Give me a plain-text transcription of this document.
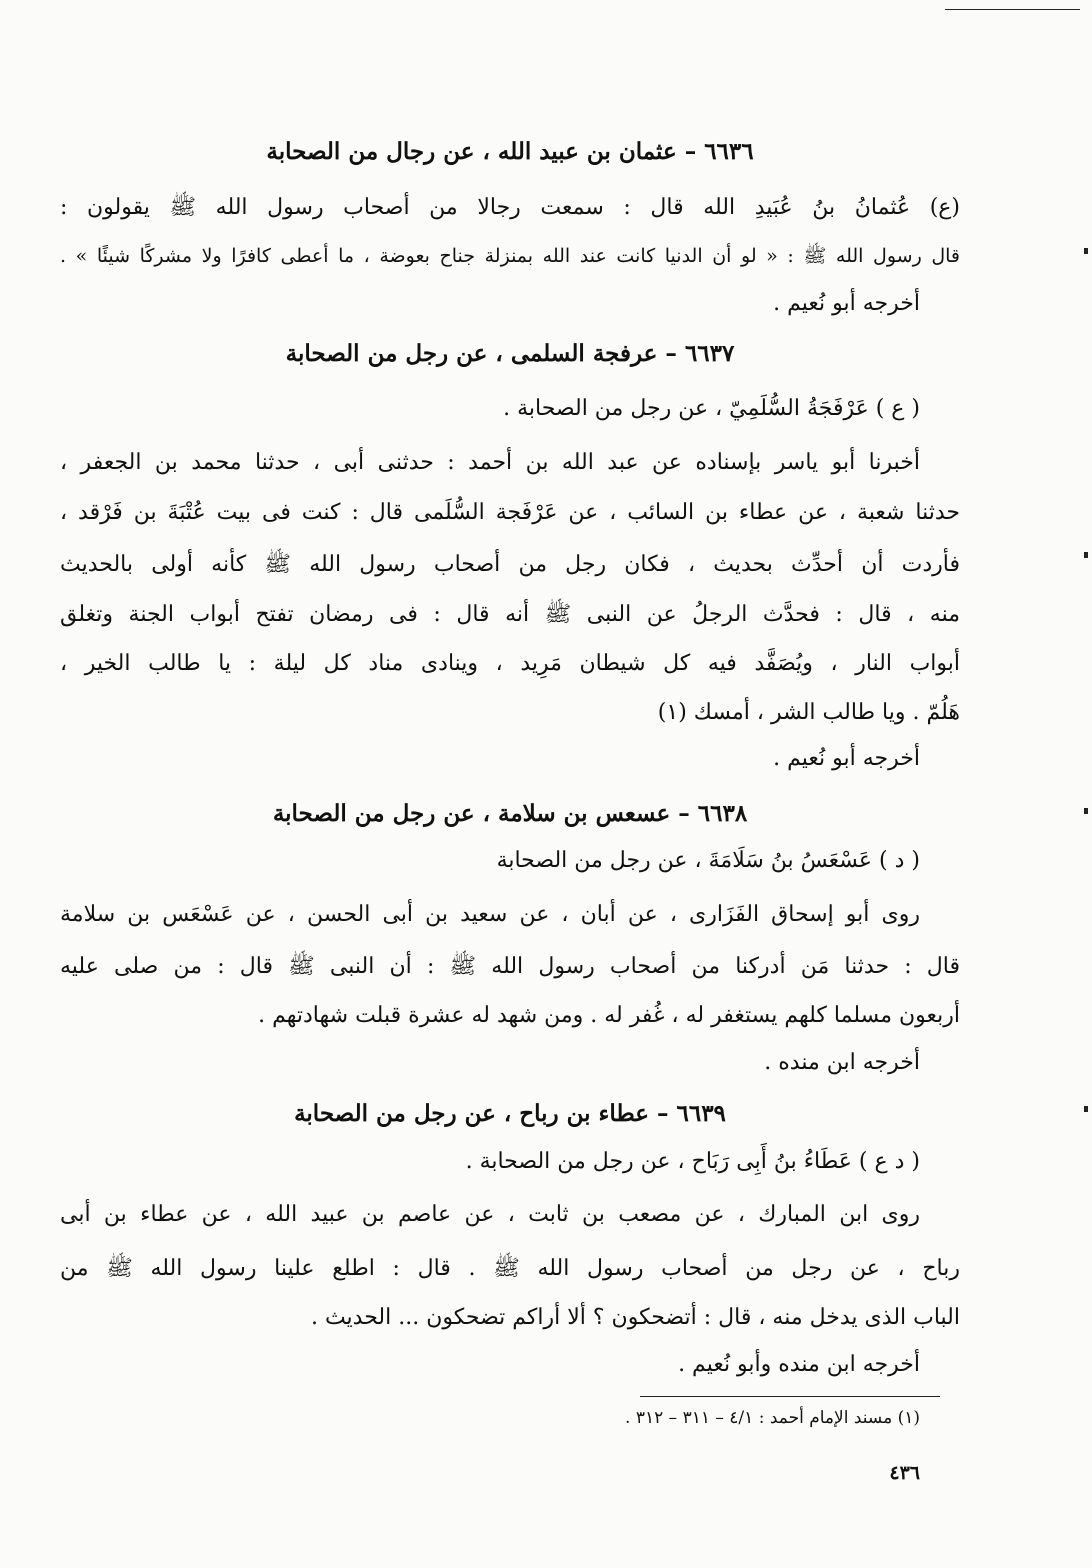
٦٦٣٦ – عثمان بن عبيد الله ، عن رجال من الصحابة
(ع) عُثمانُ بنُ عُبَيدِ الله قال : سمعت رجالا من أصحاب رسول الله ﷺ يقولون :
قال رسول الله ﷺ : « لو أن الدنيا كانت عند الله بمنزلة جناح بعوضة ، ما أعطى كافرًا ولا مشركًا شيئًا » .
أخرجه أبو نُعيم .
٦٦٣٧ – عرفجة السلمى ، عن رجل من الصحابة
( ع ) عَرْفَجَةُ السُّلَمِيّ ، عن رجل من الصحابة .
أخبرنا أبو ياسر بإسناده عن عبد الله بن أحمد : حدثنى أبى ، حدثنا محمد بن الجعفر ،
حدثنا شعبة ، عن عطاء بن السائب ، عن عَرْفَجة السُّلَمى قال : كنت فى بيت عُتْبَةَ بن فَرْقد ،
فأردت أن أحدِّث بحديث ، فكان رجل من أصحاب رسول الله ﷺ كأنه أولى بالحديث
منه ، قال : فحدَّث الرجلُ عن النبى ﷺ أنه قال : فى رمضان تفتح أبواب الجنة وتغلق
أبواب النار ، ويُصَفَّد فيه كل شيطان مَرِيد ، وينادى مناد كل ليلة : يا طالب الخير ،
هَلُمّ . ويا طالب الشر ، أمسك (١)
أخرجه أبو نُعيم .
٦٦٣٨ – عسعس بن سلامة ، عن رجل من الصحابة
( د ) عَسْعَسُ بنُ سَلَامَةَ ، عن رجل من الصحابة
روى أبو إسحاق الفَزَارى ، عن أبان ، عن سعيد بن أبى الحسن ، عن عَسْعَس بن سلامة
قال : حدثنا مَن أدركنا من أصحاب رسول الله ﷺ : أن النبى ﷺ قال : من صلى عليه
أربعون مسلما كلهم يستغفر له ، غُفر له . ومن شهد له عشرة قبلت شهادتهم .
أخرجه ابن منده .
٦٦٣٩ – عطاء بن رباح ، عن رجل من الصحابة
( د ع ) عَطَاءُ بنُ أَبِى رَبَاح ، عن رجل من الصحابة .
روى ابن المبارك ، عن مصعب بن ثابت ، عن عاصم بن عبيد الله ، عن عطاء بن أبى
رباح ، عن رجل من أصحاب رسول الله ﷺ . قال : اطلع علينا رسول الله ﷺ من
الباب الذى يدخل منه ، قال : أتضحكون ؟ ألا أراكم تضحكون ... الحديث .
أخرجه ابن منده وأبو نُعيم .
(١) مسند الإمام أحمد : ٤/١ – ٣١١ – ٣١٢ .
٤٣٦
